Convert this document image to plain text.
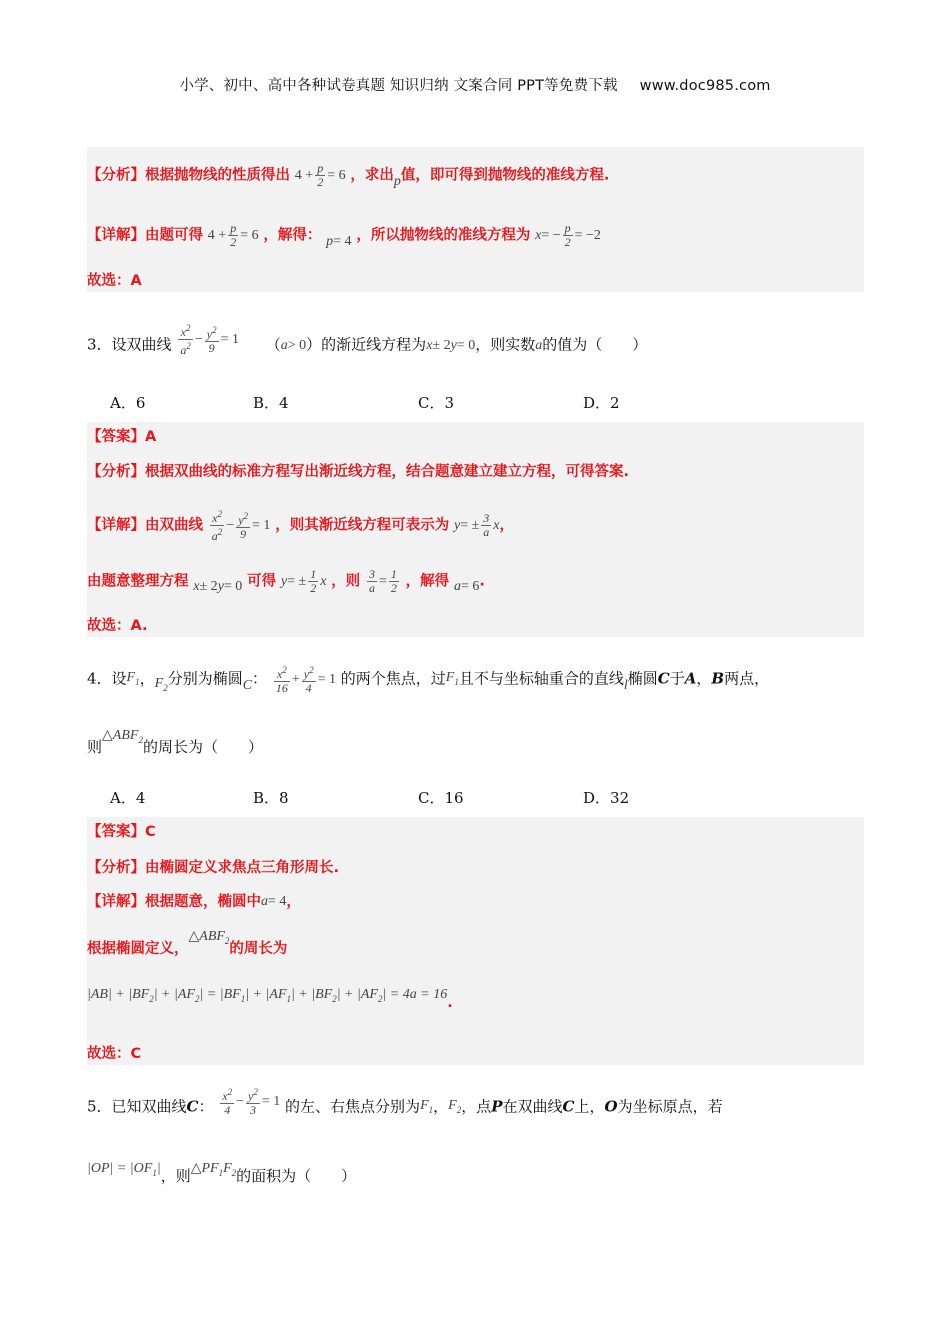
小学、初中、高中各种试卷真题 知识归纳 文案合同 PPT等免费下载 www.doc985.com
【分析】根据抛物线的性质得出 $4 + \frac{p}{2} = 6$ ，求出p值，即可得到抛物线的准线方程.
【详解】由题可得 $4 + \frac{p}{2} = 6$ ，解得： p= 4 ，所以抛物线的准线方程为 $x= - \frac{p}{2} = -2$
故选：A
3．设双曲线 $\frac{x^2}{a^2} - \frac{y^2}{9} = 1$ （a> 0）的渐近线方程为x± 2y= 0，则实数a的值为（　　）
A．6	B．4	C．3	D．2
【答案】A
【分析】根据双曲线的标准方程写出渐近线方程，结合题意建立建立方程，可得答案.
【详解】由双曲线 $\frac{x^2}{a^2} - \frac{y^2}{9} = 1$ ，则其渐近线方程可表示为 $y= \pm \frac{3}{a}$ x，
由题意整理方程 x± 2y= 0 可得 $y= \pm \frac{1}{2}$ x ，则 $\frac{3}{a} = \frac{1}{2}$ ，解得 a= 6.
故选：A.
4．设$F_1$，$F_2$分别为椭圆C： $\frac{x^2}{16} + \frac{y^2}{4} = 1$ 的两个焦点，过$F_1$且不与坐标轴重合的直线l椭圆C于A，B两点，
则$\triangle ABF_2$的周长为（　　）
A．4	B．8	C．16	D．32
【答案】C
【分析】由椭圆定义求焦点三角形周长.
【详解】根据题意，椭圆中a= 4，
根据椭圆定义，$\triangle ABF_2$的周长为
$|AB| + |BF_2| + |AF_2| = |BF_1| + |AF_1| + |BF_2| + |AF_2| = 4a = 16$.
故选：C
5．已知双曲线C： $\frac{x^2}{4} - \frac{y^2}{3} = 1$ 的左、右焦点分别为$F_1$，$F_2$，点P在双曲线C上，O为坐标原点，若
$|OP| = |OF_1|$，则$\triangle PF_1F_2$的面积为（　　）
